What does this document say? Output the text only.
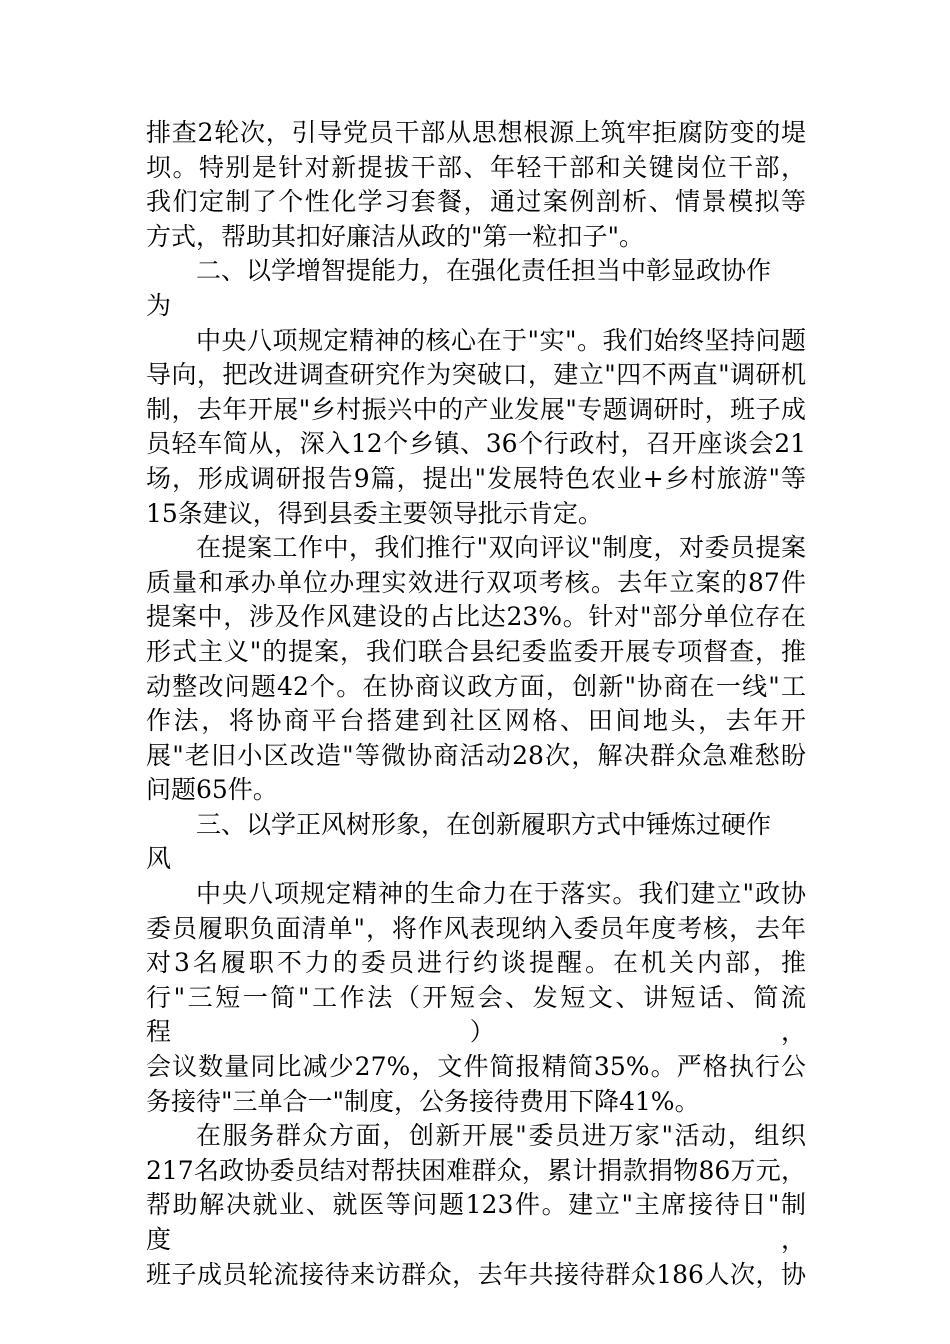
排查2轮次，引导党员干部从思想根源上筑牢拒腐防变的堤
坝。特别是针对新提拔干部、年轻干部和关键岗位干部，
我们定制了个性化学习套餐，通过案例剖析、情景模拟等
方式，帮助其扣好廉洁从政的"第一粒扣子"。
二、以学增智提能力，在强化责任担当中彰显政协作
为
中央八项规定精神的核心在于"实"。我们始终坚持问题
导向，把改进调查研究作为突破口，建立"四不两直"调研机
制，去年开展"乡村振兴中的产业发展"专题调研时，班子成
员轻车简从，深入12个乡镇、36个行政村，召开座谈会21
场，形成调研报告9篇，提出"发展特色农业+乡村旅游"等
15条建议，得到县委主要领导批示肯定。
在提案工作中，我们推行"双向评议"制度，对委员提案
质量和承办单位办理实效进行双项考核。去年立案的87件
提案中，涉及作风建设的占比达23%。针对"部分单位存在
形式主义"的提案，我们联合县纪委监委开展专项督查，推
动整改问题42个。在协商议政方面，创新"协商在一线"工
作法，将协商平台搭建到社区网格、田间地头，去年开
展"老旧小区改造"等微协商活动28次，解决群众急难愁盼
问题65件。
三、以学正风树形象，在创新履职方式中锤炼过硬作
风
中央八项规定精神的生命力在于落实。我们建立"政协
委员履职负面清单"，将作风表现纳入委员年度考核，去年
对3名履职不力的委员进行约谈提醒。在机关内部，推
行"三短一简"工作法（开短会、发短文、讲短话、简流程），
会议数量同比减少27%，文件简报精简35%。严格执行公
务接待"三单合一"制度，公务接待费用下降41%。
在服务群众方面，创新开展"委员进万家"活动，组织
217名政协委员结对帮扶困难群众，累计捐款捐物86万元，
帮助解决就业、就医等问题123件。建立"主席接待日"制度，
班子成员轮流接待来访群众，去年共接待群众186人次，协
